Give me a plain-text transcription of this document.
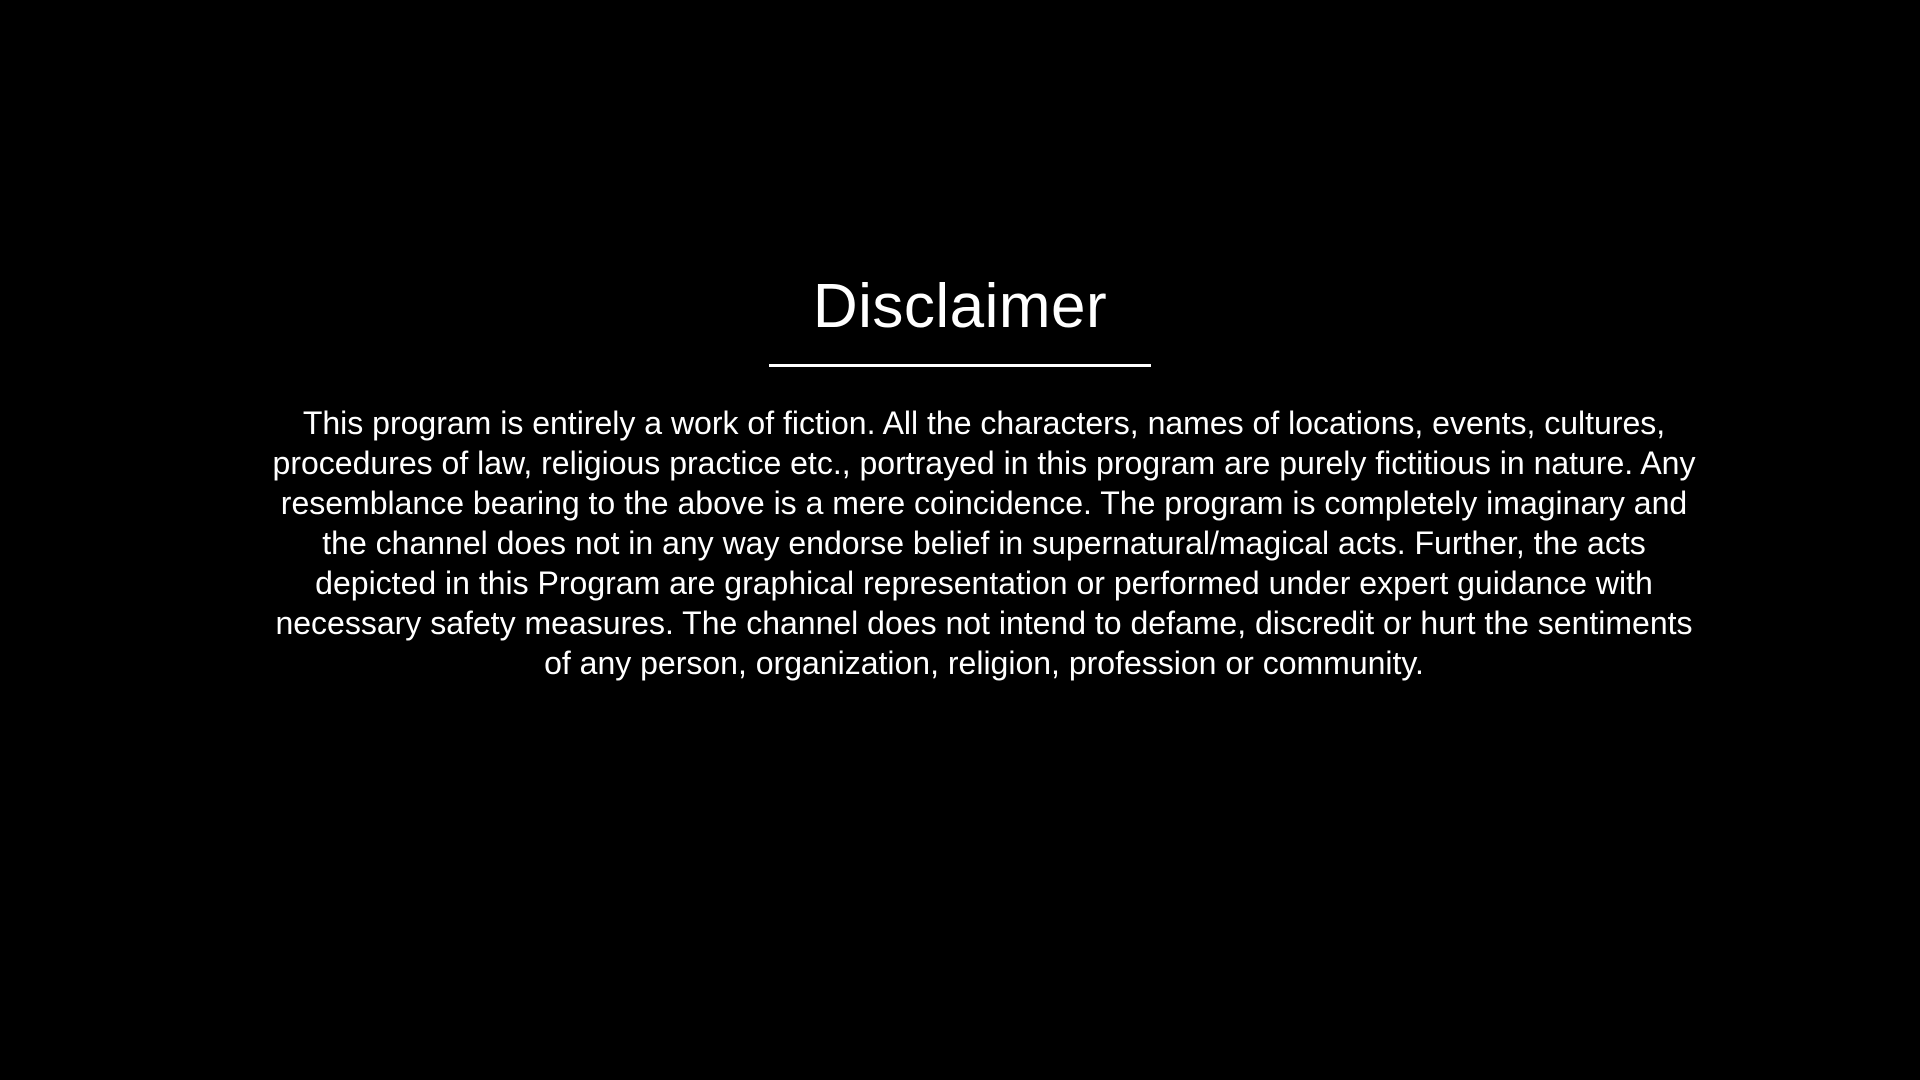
Disclaimer
This program is entirely a work of fiction. All the characters, names of locations, events, cultures,
procedures of law, religious practice etc., portrayed in this program are purely fictitious in nature. Any
resemblance bearing to the above is a mere coincidence. The program is completely imaginary and
the channel does not in any way endorse belief in supernatural/magical acts. Further, the acts
depicted in this Program are graphical representation or performed under expert guidance with
necessary safety measures. The channel does not intend to defame, discredit or hurt the sentiments
of any person, organization, religion, profession or community.
